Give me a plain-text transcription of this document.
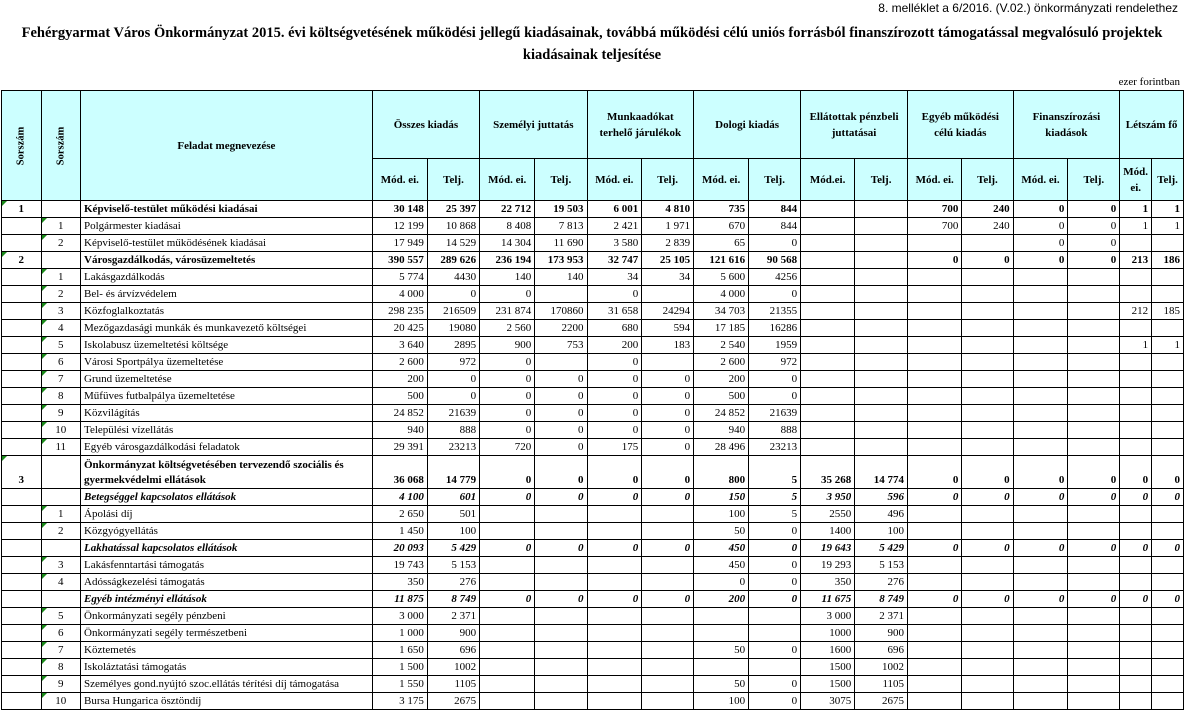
8. melléklet a 6/2016. (V.02.) önkormányzati rendelethez
Fehérgyarmat Város Önkormányzat 2015. évi költségvetésének működési jellegű kiadásainak, továbbá működési célú uniós forrásból finanszírozott támogatással megvalósuló projektek kiadásainak teljesítése
ezer forintban
Sorszám	Sorszám	Feladat megnevezése	Összes kiadás		Személyi juttatás		Munkaadókat terhelő járulékok		Dologi kiadás		Ellátottak pénzbeli juttatásai		Egyéb működési célú kiadás		Finanszírozási kiadások		Létszám fő	
			Mód. ei.	Telj.	Mód. ei.	Telj.	Mód. ei.	Telj.	Mód. ei.	Telj.	Mód.ei.	Telj.	Mód. ei.	Telj.	Mód. ei.	Telj.	Mód. ei.	Telj.
1		Képviselő-testület működési kiadásai	30 148	25 397	22 712	19 503	6 001	4 810	735	844			700	240	0	0	1	1
	1	Polgármester kiadásai	12 199	10 868	8 408	7 813	2 421	1 971	670	844			700	240	0	0	1	1
	2	Képviselő-testület működésének kiadásai	17 949	14 529	14 304	11 690	3 580	2 839	65	0					0	0		
2		Városgazdálkodás, városüzemeltetés	390 557	289 626	236 194	173 953	32 747	25 105	121 616	90 568			0	0	0	0	213	186
	1	Lakásgazdálkodás	5 774	4430	140	140	34	34	5 600	4256								
	2	Bel- és árvízvédelem	4 000	0	0		0		4 000	0								
	3	Közfoglalkoztatás	298 235	216509	231 874	170860	31 658	24294	34 703	21355							212	185
	4	Mezőgazdasági munkák és munkavezető költségei	20 425	19080	2 560	2200	680	594	17 185	16286								
	5	Iskolabusz üzemeltetési költsége	3 640	2895	900	753	200	183	2 540	1959							1	1
	6	Városi Sportpálya üzemeltetése	2 600	972	0		0		2 600	972								
	7	Grund üzemeltetése	200	0	0	0	0	0	200	0								
	8	Műfüves futbalpálya üzemeltetése	500	0	0	0	0	0	500	0								
	9	Közvilágítás	24 852	21639	0	0	0	0	24 852	21639								
	10	Települési vízellátás	940	888	0	0	0	0	940	888								
	11	Egyéb városgazdálkodási feladatok	29 391	23213	720	0	175	0	28 496	23213								
3		Önkormányzat költségvetésében tervezendő szociális és gyermekvédelmi ellátások	36 068	14 779	0	0	0	0	800	5	35 268	14 774	0	0	0	0	0	0
		Betegséggel kapcsolatos ellátások	4 100	601	0	0	0	0	150	5	3 950	596	0	0	0	0	0	0
	1	Ápolási díj	2 650	501					100	5	2550	496						
	2	Közgyógyellátás	1 450	100					50	0	1400	100						
		Lakhatással kapcsolatos ellátások	20 093	5 429	0	0	0	0	450	0	19 643	5 429	0	0	0	0	0	0
	3	Lakásfenntartási támogatás	19 743	5 153					450	0	19 293	5 153						
	4	Adósságkezelési támogatás	350	276					0	0	350	276						
		Egyéb intézményi ellátások	11 875	8 749	0	0	0	0	200	0	11 675	8 749	0	0	0	0	0	0
	5	Önkormányzati segély pénzbeni	3 000	2 371							3 000	2 371						
	6	Önkormányzati segély természetbeni	1 000	900							1000	900						
	7	Köztemetés	1 650	696					50	0	1600	696						
	8	Iskoláztatási támogatás	1 500	1002							1500	1002						
	9	Személyes gond.nyújtó szoc.ellátás térítési díj támogatása	1 550	1105					50	0	1500	1105						
	10	Bursa Hungarica ösztöndíj	3 175	2675					100	0	3075	2675						
